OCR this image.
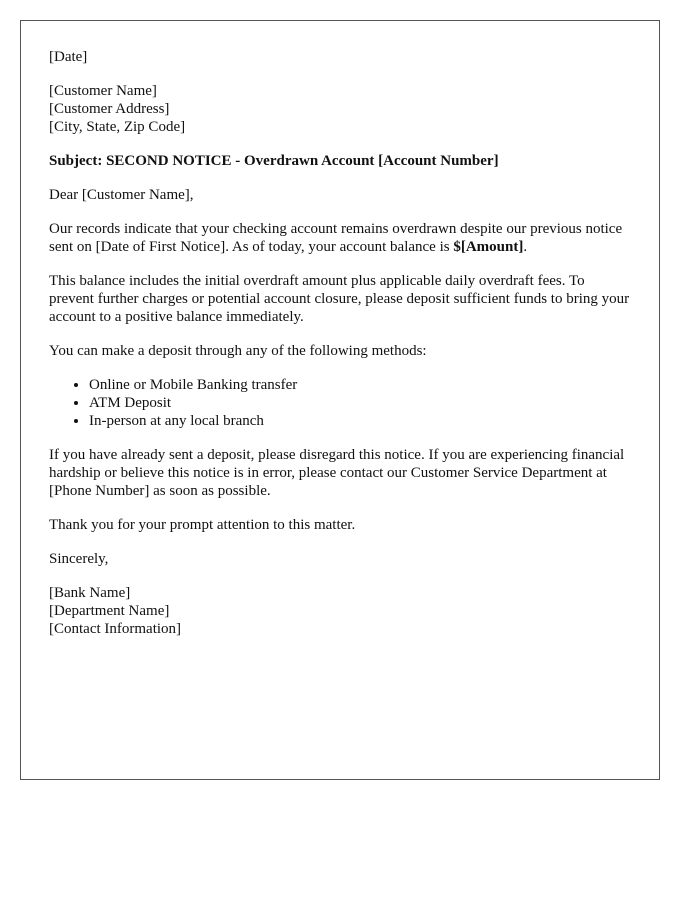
[Date]
[Customer Name]
[Customer Address]
[City, State, Zip Code]
Subject: SECOND NOTICE - Overdrawn Account [Account Number]
Dear [Customer Name],
Our records indicate that your checking account remains overdrawn despite our previous notice sent on [Date of First Notice]. As of today, your account balance is $[Amount].
This balance includes the initial overdraft amount plus applicable daily overdraft fees. To prevent further charges or potential account closure, please deposit sufficient funds to bring your account to a positive balance immediately.
You can make a deposit through any of the following methods:
• Online or Mobile Banking transfer
• ATM Deposit
• In-person at any local branch
If you have already sent a deposit, please disregard this notice. If you are experiencing financial hardship or believe this notice is in error, please contact our Customer Service Department at [Phone Number] as soon as possible.
Thank you for your prompt attention to this matter.
Sincerely,
[Bank Name]
[Department Name]
[Contact Information]
